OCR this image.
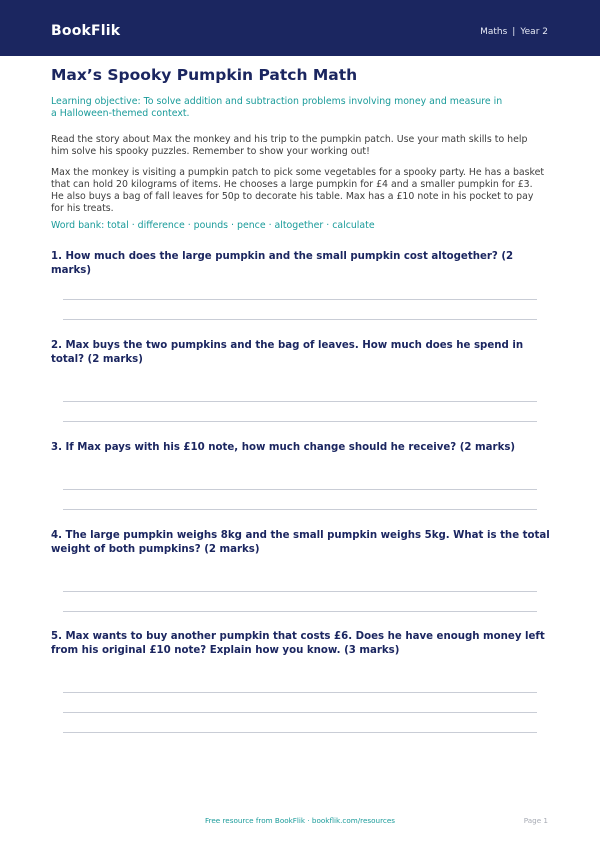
BookFlik	Maths | Year 2
Max’s Spooky Pumpkin Patch Math

Learning objective: To solve addition and subtraction problems involving money and measure in a Halloween-themed context.

Read the story about Max the monkey and his trip to the pumpkin patch. Use your math skills to help him solve his spooky puzzles. Remember to show your working out!

Max the monkey is visiting a pumpkin patch to pick some vegetables for a spooky party. He has a basket that can hold 20 kilograms of items. He chooses a large pumpkin for £4 and a smaller pumpkin for £3. He also buys a bag of fall leaves for 50p to decorate his table. Max has a £10 note in his pocket to pay for his treats.

Word bank: total · difference · pounds · pence · altogether · calculate

1. How much does the large pumpkin and the small pumpkin cost altogether? (2 marks)

2. Max buys the two pumpkins and the bag of leaves. How much does he spend in total? (2 marks)

3. If Max pays with his £10 note, how much change should he receive? (2 marks)

4. The large pumpkin weighs 8kg and the small pumpkin weighs 5kg. What is the total weight of both pumpkins? (2 marks)

5. Max wants to buy another pumpkin that costs £6. Does he have enough money left from his original £10 note? Explain how you know. (3 marks)

Free resource from BookFlik · bookflik.com/resources	Page 1
